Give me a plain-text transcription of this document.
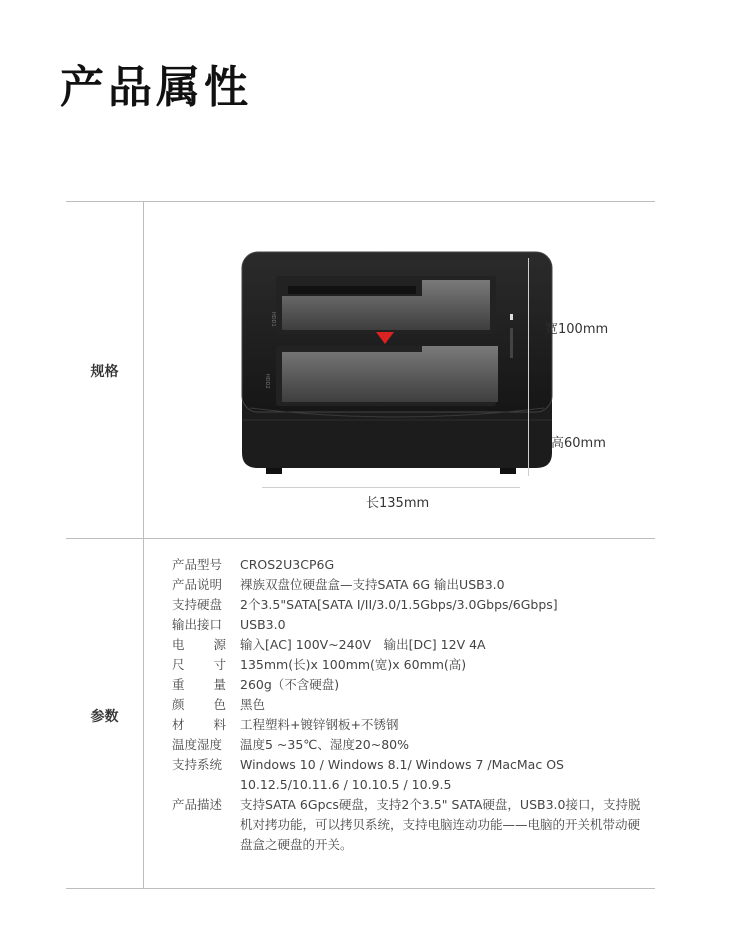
产品属性
规格
参数
HDD1
HDD2
宽100mm
高60mm
长135mm
产品型号	CROS2U3CP6G
产品说明	裸族双盘位硬盘盒—支持SATA 6G 输出USB3.0
支持硬盘	2个3.5"SATA[SATA I/II/3.0/1.5Gbps/3.0Gbps/6Gbps]
输出接口	USB3.0
电 源 输入[AC] 100V~240V　输出[DC] 12V 4A
尺 寸 135mm(长)x 100mm(宽)x 60mm(高)
重 量 260g（不含硬盘)
颜 色 黑色
材 料 工程塑料+镀锌钢板+不锈钢
温度湿度	温度5 ~35℃、湿度20~80%
支持系统	Windows 10 / Windows 8.1/ Windows 7 /MacMac OS 10.12.5/10.11.6 / 10.10.5 / 10.9.5
产品描述	支持SATA 6Gpcs硬盘，支持2个3.5" SATA硬盘，USB3.0接口，支持脱机对拷功能，可以拷贝系统，支持电脑连动功能——电脑的开关机带动硬盘盒之硬盘的开关。
